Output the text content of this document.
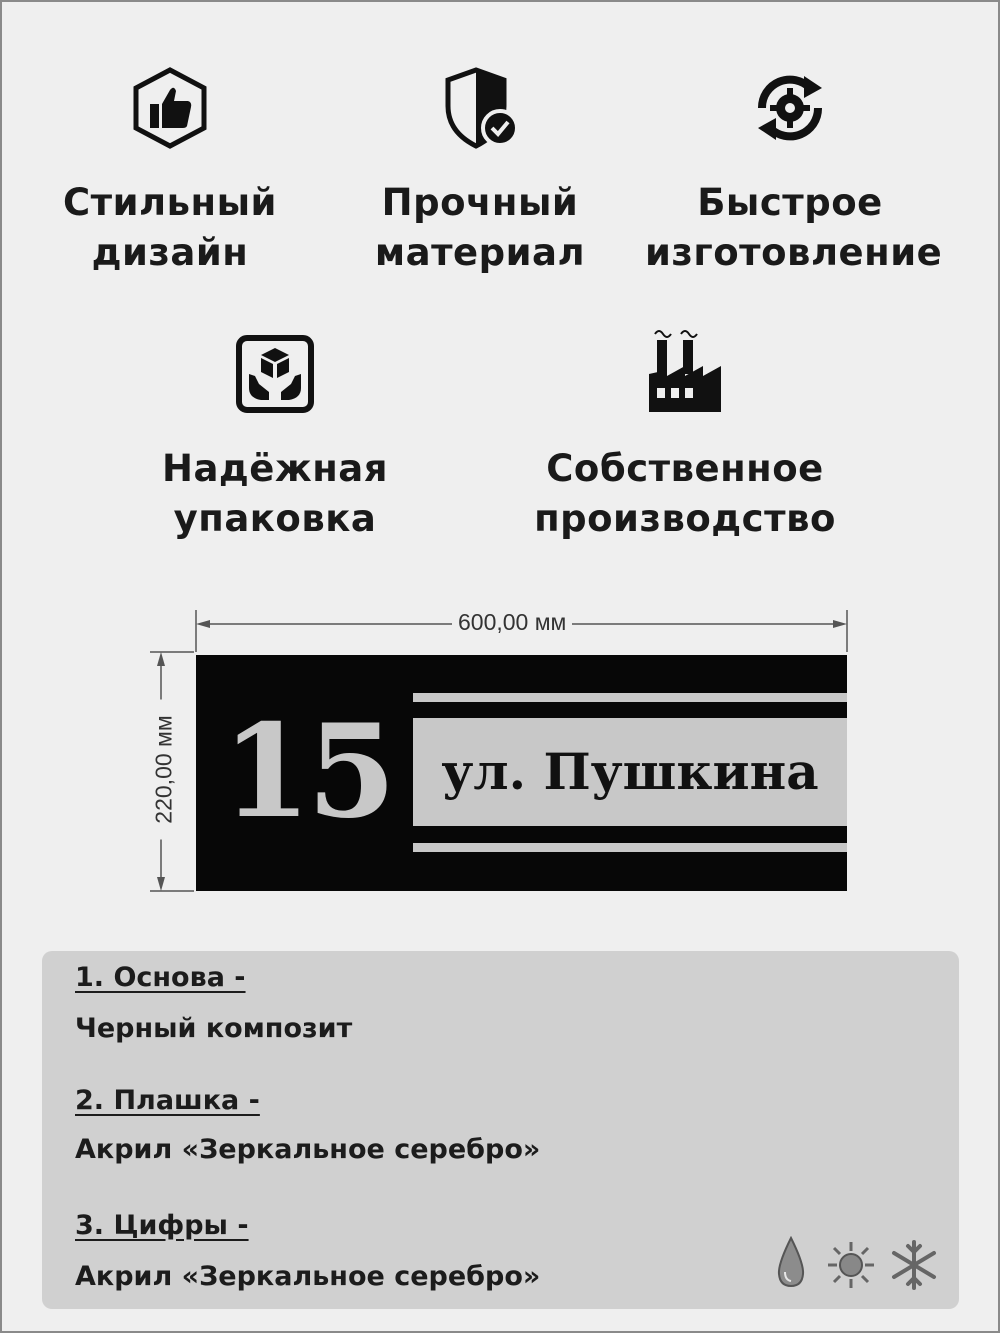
Стильный
дизайн
Прочный
материал
Быстрое
изготовление
Надёжная
упаковка
Собственное
производство
600,00 мм
220,00 мм 15 ул. Пушкина
1. Основа -
Черный композит
2. Плашка -
Акрил «Зеркальное серебро»
3. Цифры -
Акрил «Зеркальное серебро»
